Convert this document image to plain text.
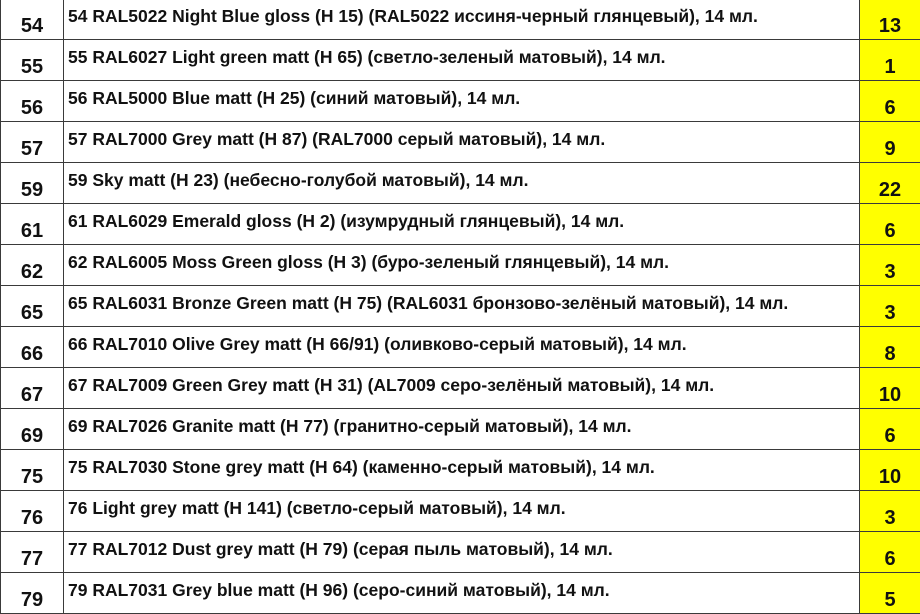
54	54 RAL5022 Night Blue gloss (H 15) (RAL5022 иссиня-черный глянцевый), 14 мл.	13
55	55 RAL6027 Light green matt (H 65) (светло-зеленый матовый), 14 мл.	1
56	56 RAL5000 Blue matt (H 25) (синий матовый), 14 мл.	6
57	57 RAL7000 Grey matt (H 87) (RAL7000 серый матовый), 14 мл.	9
59	59 Sky matt (H 23) (небесно-голубой матовый), 14 мл.	22
61	61 RAL6029 Emerald gloss (H 2) (изумрудный глянцевый), 14 мл.	6
62	62 RAL6005 Moss Green gloss (H 3) (буро-зеленый глянцевый), 14 мл.	3
65	65 RAL6031 Bronze Green matt (H 75) (RAL6031 бронзово-зелёный матовый), 14 мл.	3
66	66 RAL7010 Olive Grey matt (H 66/91) (оливково-серый матовый), 14 мл.	8
67	67 RAL7009 Green Grey matt (H 31) (AL7009 серо-зелёный матовый), 14 мл.	10
69	69 RAL7026 Granite matt (H 77) (гранитно-серый матовый), 14 мл.	6
75	75 RAL7030 Stone grey matt (H 64) (каменно-серый матовый), 14 мл.	10
76	76 Light grey matt (H 141) (светло-серый матовый), 14 мл.	3
77	77 RAL7012 Dust grey matt (H 79) (серая пыль матовый), 14 мл.	6
79	79 RAL7031 Grey blue matt (H 96) (серо-синий матовый), 14 мл.	5
